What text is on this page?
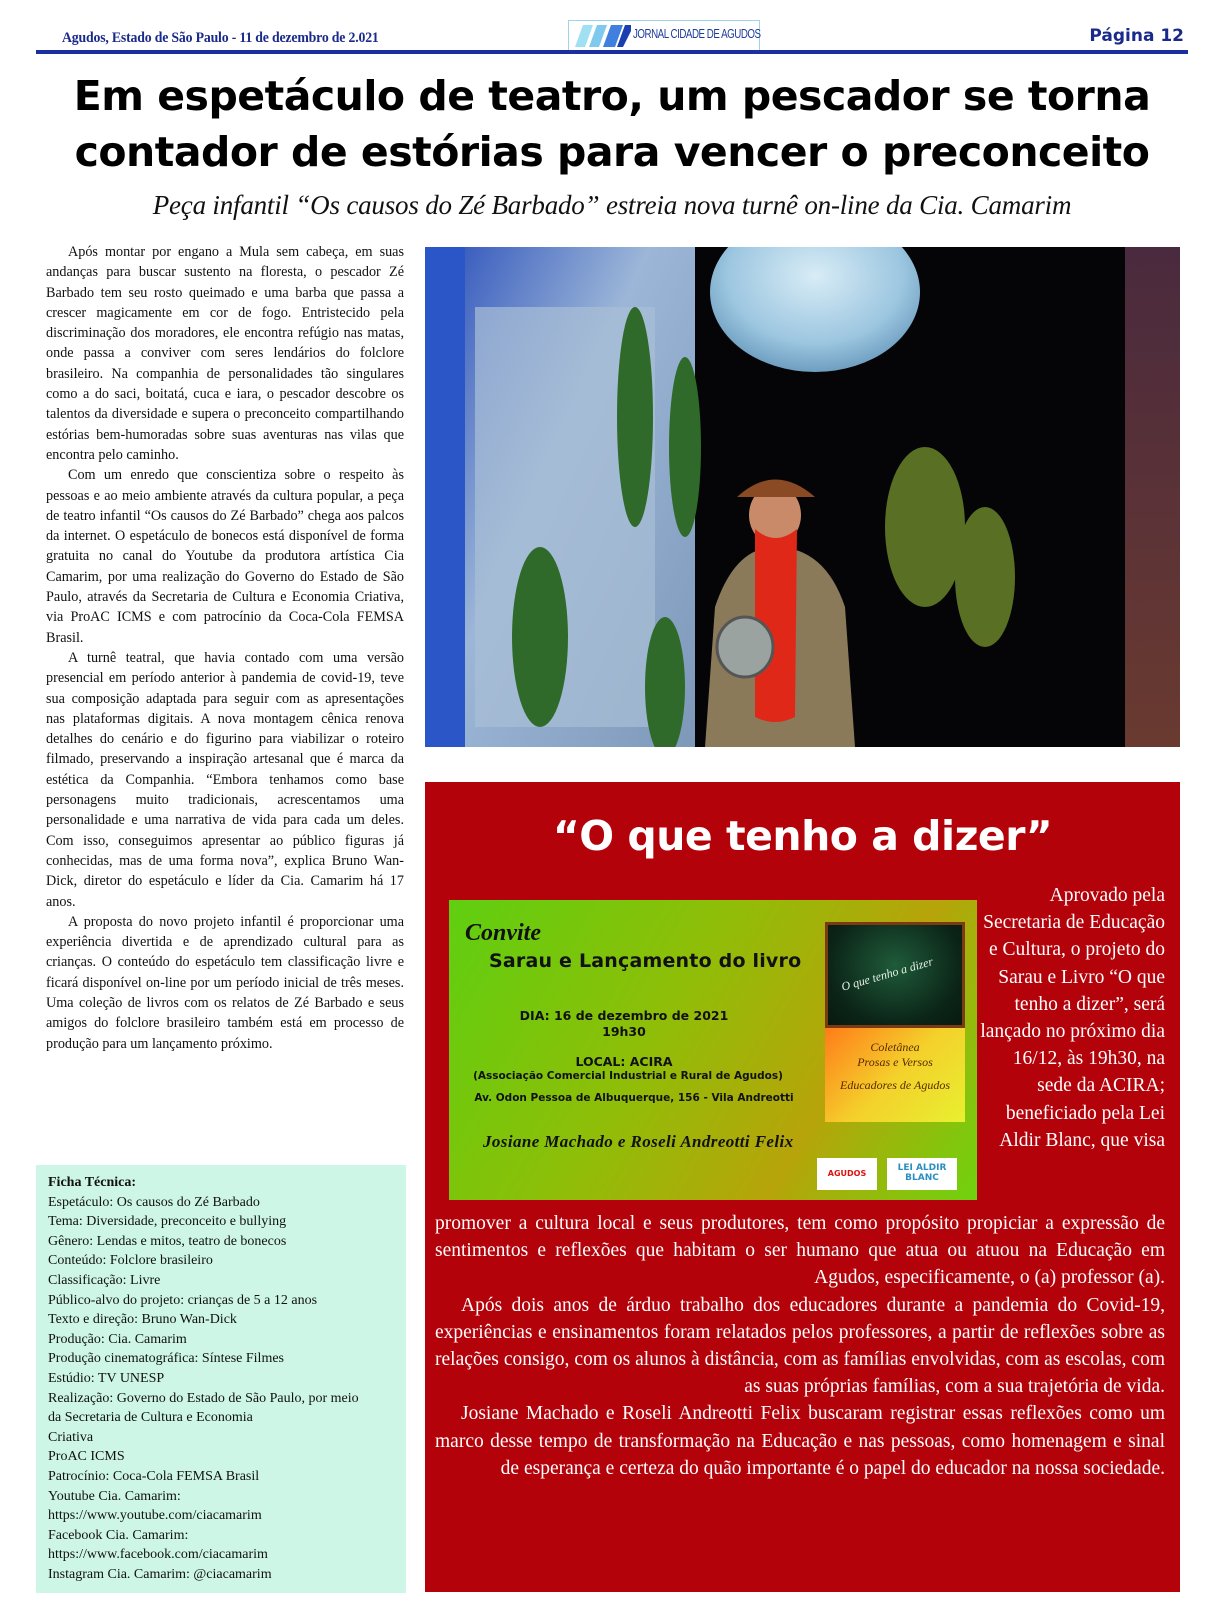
Agudos, Estado de São Paulo - 11 de dezembro de 2.021	JORNAL CIDADE DE AGUDOS	Página 12
Em espetáculo de teatro, um pescador se torna
contador de estórias para vencer o preconceito
Peça infantil “Os causos do Zé Barbado” estreia nova turnê on-line da Cia. Camarim

Após montar por engano a Mula sem cabeça, em suas andanças para buscar sustento na floresta, o pescador Zé Barbado tem seu rosto queimado e uma barba que passa a crescer magicamente em cor de fogo. Entristecido pela discriminação dos moradores, ele encontra refúgio nas matas, onde passa a conviver com seres lendários do folclore brasileiro. Na companhia de personalidades tão singulares como a do saci, boitatá, cuca e iara, o pescador descobre os talentos da diversidade e supera o preconceito compartilhando estórias bem-humoradas sobre suas aventuras nas vilas que encontra pelo caminho.

Com um enredo que conscientiza sobre o respeito às pessoas e ao meio ambiente através da cultura popular, a peça de teatro infantil “Os causos do Zé Barbado” chega aos palcos da internet. O espetáculo de bonecos está disponível de forma gratuita no canal do Youtube da produtora artística Cia Camarim, por uma realização do Governo do Estado de São Paulo, através da Secretaria de Cultura e Economia Criativa, via ProAC ICMS e com patrocínio da Coca-Cola FEMSA Brasil.

A turnê teatral, que havia contado com uma versão presencial em período anterior à pandemia de covid-19, teve sua composição adaptada para seguir com as apresentações nas plataformas digitais. A nova montagem cênica renova detalhes do cenário e do figurino para viabilizar o roteiro filmado, preservando a inspiração artesanal que é marca da estética da Companhia. “Embora tenhamos como base personagens muito tradicionais, acrescentamos uma personalidade e uma narrativa de vida para cada um deles. Com isso, conseguimos apresentar ao público figuras já conhecidas, mas de uma forma nova”, explica Bruno Wan-Dick, diretor do espetáculo e líder da Cia. Camarim há 17 anos.

A proposta do novo projeto infantil é proporcionar uma experiência divertida e de aprendizado cultural para as crianças. O conteúdo do espetáculo tem classificação livre e ficará disponível on-line por um período inicial de três meses. Uma coleção de livros com os relatos de Zé Barbado e seus amigos do folclore brasileiro também está em processo de produção para um lançamento próximo.

Ficha Técnica:
Espetáculo: Os causos do Zé Barbado
Tema: Diversidade, preconceito e bullying
Gênero: Lendas e mitos, teatro de bonecos
Conteúdo: Folclore brasileiro
Classificação: Livre
Público-alvo do projeto: crianças de 5 a 12 anos
Texto e direção: Bruno Wan-Dick
Produção: Cia. Camarim
Produção cinematográfica: Síntese Filmes
Estúdio: TV UNESP
Realização: Governo do Estado de São Paulo, por meio
da Secretaria de Cultura e Economia
Criativa
ProAC ICMS
Patrocínio: Coca-Cola FEMSA Brasil
Youtube Cia. Camarim:
https://www.youtube.com/ciacamarim
Facebook Cia. Camarim:
https://www.facebook.com/ciacamarim
Instagram Cia. Camarim: @ciacamarim
“O que tenho a dizer”
Convite
Sarau e Lançamento do livro
DIA: 16 de dezembro de 2021
19h30
LOCAL: ACIRA
(Associação Comercial Industrial e Rural de Agudos)
Av. Odon Pessoa de Albuquerque, 156 - Vila Andreotti
Josiane Machado e Roseli Andreotti Felix
O que tenho a dizer
Coletânea
Prosas e Versos
Educadores de Agudos
AGUDOS
LEI ALDIR BLANC
Aprovado pela Secretaria de Educação e Cultura, o projeto do Sarau e Livro “O que tenho a dizer”, será lançado no próximo dia 16/12, às 19h30, na sede da ACIRA; beneficiado pela Lei Aldir Blanc, que visa

promover a cultura local e seus produtores, tem como propósito propiciar a expressão de sentimentos e reflexões que habitam o ser humano que atua ou atuou na Educação em Agudos, especificamente, o (a) professor (a).

Após dois anos de árduo trabalho dos educadores durante a pandemia do Covid-19, experiências e ensinamentos foram relatados pelos professores, a partir de reflexões sobre as relações consigo, com os alunos à distância, com as famílias envolvidas, com as escolas, com as suas próprias famílias, com a sua trajetória de vida.

Josiane Machado e Roseli Andreotti Felix buscaram registrar essas reflexões como um marco desse tempo de transformação na Educação e nas pessoas, como homenagem e sinal de esperança e certeza do quão importante é o papel do educador na nossa sociedade.
